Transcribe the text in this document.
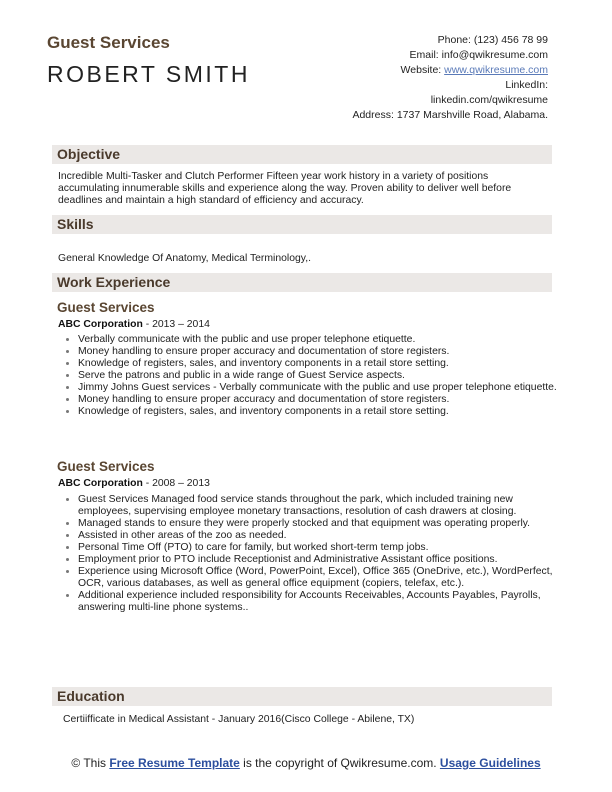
Guest Services
ROBERT SMITH
Phone: (123) 456 78 99
Email: info@qwikresume.com
Website: www.qwikresume.com
LinkedIn:
linkedin.com/qwikresume
Address: 1737 Marshville Road, Alabama.
Objective
Incredible Multi-Tasker and Clutch Performer Fifteen year work history in a variety of positions accumulating innumerable skills and experience along the way. Proven ability to deliver well before deadlines and maintain a high standard of efficiency and accuracy.
Skills
General Knowledge Of Anatomy, Medical Terminology,.
Work Experience
Guest Services
ABC Corporation - 2013 – 2014
• Verbally communicate with the public and use proper telephone etiquette.
• Money handling to ensure proper accuracy and documentation of store registers.
• Knowledge of registers, sales, and inventory components in a retail store setting.
• Serve the patrons and public in a wide range of Guest Service aspects.
• Jimmy Johns Guest services - Verbally communicate with the public and use proper telephone etiquette.
• Money handling to ensure proper accuracy and documentation of store registers.
• Knowledge of registers, sales, and inventory components in a retail store setting.
Guest Services
ABC Corporation - 2008 – 2013
• Guest Services Managed food service stands throughout the park, which included training new employees, supervising employee monetary transactions, resolution of cash drawers at closing.
• Managed stands to ensure they were properly stocked and that equipment was operating properly.
• Assisted in other areas of the zoo as needed.
• Personal Time Off (PTO) to care for family, but worked short-term temp jobs.
• Employment prior to PTO include Receptionist and Administrative Assistant office positions.
• Experience using Microsoft Office (Word, PowerPoint, Excel), Office 365 (OneDrive, etc.), WordPerfect, OCR, various databases, as well as general office equipment (copiers, telefax, etc.).
• Additional experience included responsibility for Accounts Receivables, Accounts Payables, Payrolls, answering multi-line phone systems..
Education
Certiifficate in Medical Assistant - January 2016(Cisco College - Abilene, TX)
© This Free Resume Template is the copyright of Qwikresume.com. Usage Guidelines
